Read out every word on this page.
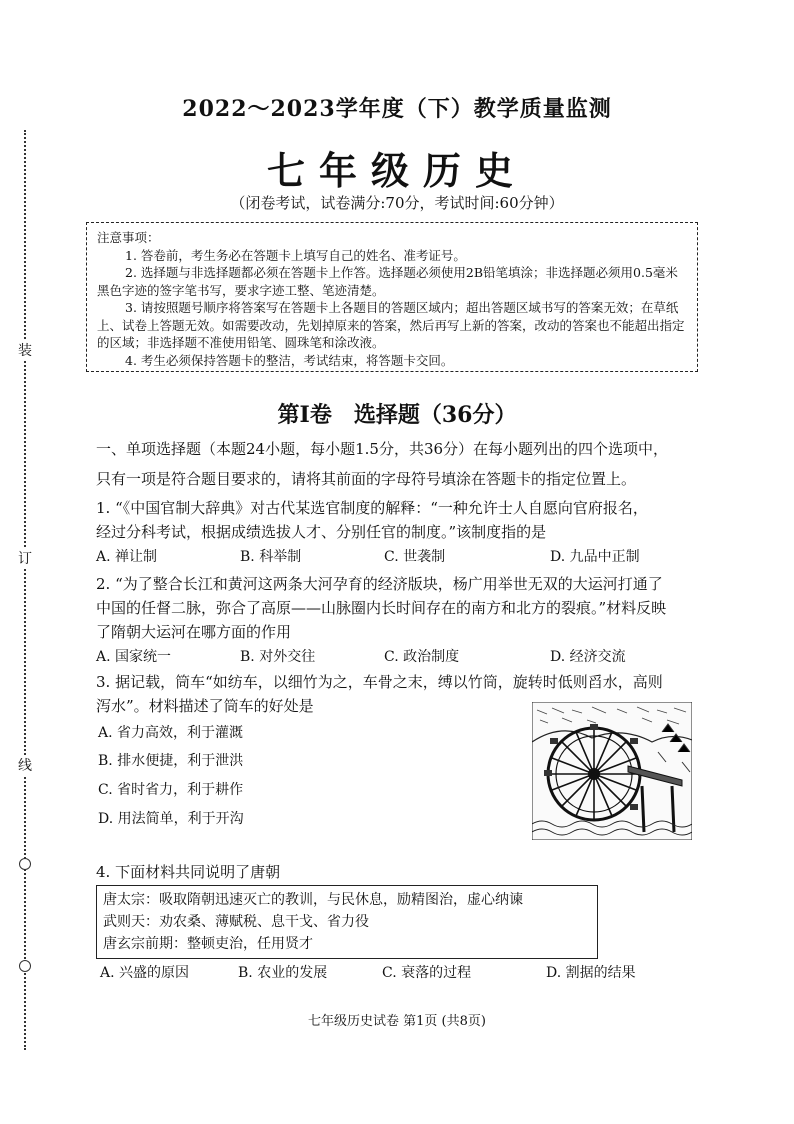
装
订
线
2022～2023学年度（下）教学质量监测
七年级历史
（闭卷考试，试卷满分:70分，考试时间:60分钟）

注意事项：

1. 答卷前，考生务必在答题卡上填写自己的姓名、准考证号。

2. 选择题与非选择题都必须在答题卡上作答。选择题必须使用2B铅笔填涂；非选择题必须用0.5毫米黑色字迹的签字笔书写，要求字迹工整、笔迹清楚。

3. 请按照题号顺序将答案写在答题卡上各题目的答题区域内；超出答题区域书写的答案无效；在草纸上、试卷上答题无效。如需要改动，先划掉原来的答案，然后再写上新的答案，改动的答案也不能超出指定的区域；非选择题不准使用铅笔、圆珠笔和涂改液。

4. 考生必须保持答题卡的整洁，考试结束，将答题卡交回。

第Ⅰ卷　选择题（36分）
一、单项选择题（本题24小题，每小题1.5分，共36分）在每小题列出的四个选项中，
只有一项是符合题目要求的，请将其前面的字母符号填涂在答题卡的指定位置上。
1. “《中国官制大辞典》对古代某选官制度的解释：“一种允许士人自愿向官府报名，
经过分科考试，根据成绩选拔人才、分别任官的制度。”该制度指的是
A. 禅让制	B. 科举制	C. 世袭制	D. 九品中正制
2. “为了整合长江和黄河这两条大河孕育的经济版块，杨广用举世无双的大运河打通了
中国的任督二脉，弥合了高原——山脉圈内长时间存在的南方和北方的裂痕。”材料反映
了隋朝大运河在哪方面的作用
A. 国家统一	B. 对外交往	C. 政治制度	D. 经济交流
3. 据记载，筒车“如纺车，以细竹为之，车骨之末，缚以竹筒，旋转时低则舀水，高则
泻水”。材料描述了筒车的好处是
A. 省力高效，利于灌溉
B. 排水便捷，利于泄洪
C. 省时省力，利于耕作
D. 用法简单，利于开沟
4. 下面材料共同说明了唐朝
唐太宗：吸取隋朝迅速灭亡的教训，与民休息，励精图治，虚心纳谏
武则天：劝农桑、薄赋税、息干戈、省力役
唐玄宗前期：整顿吏治，任用贤才
A. 兴盛的原因	B. 农业的发展	C. 衰落的过程	D. 割据的结果
七年级历史试卷 第1页 (共8页)
